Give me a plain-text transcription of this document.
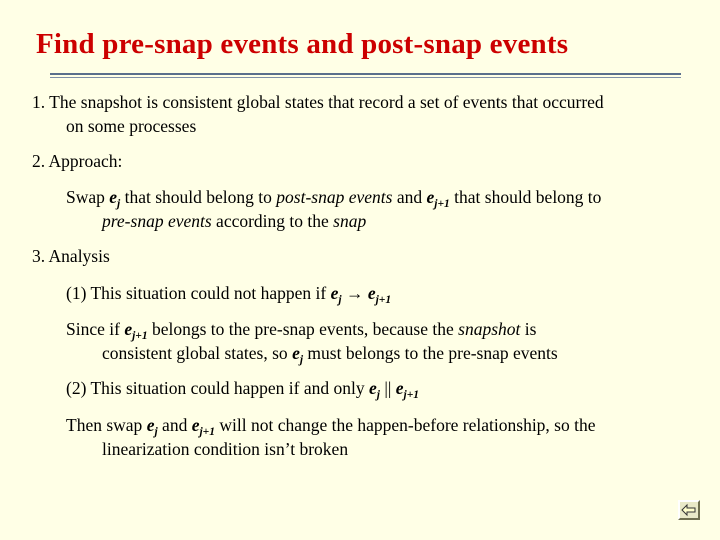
Find pre-snap events and post-snap events
1. The snapshot is consistent global states that record a set of events that occurred
on some processes
2. Approach:
Swap $e_j$ that should belong to post-snap events and $e_{j+1}$ that should belong to
pre-snap events according to the snap
3. Analysis
(1) This situation could not happen if $e_j \to e_{j+1}$
Since if $e_{j+1}$ belongs to the pre-snap events, because the snapshot is
consistent global states, so $e_j$ must belongs to the pre-snap events
(2) This situation could happen if and only $e_j$ || $e_{j+1}$
Then swap $e_j$ and $e_{j+1}$ will not change the happen-before relationship, so the
linearization condition isn’t broken
